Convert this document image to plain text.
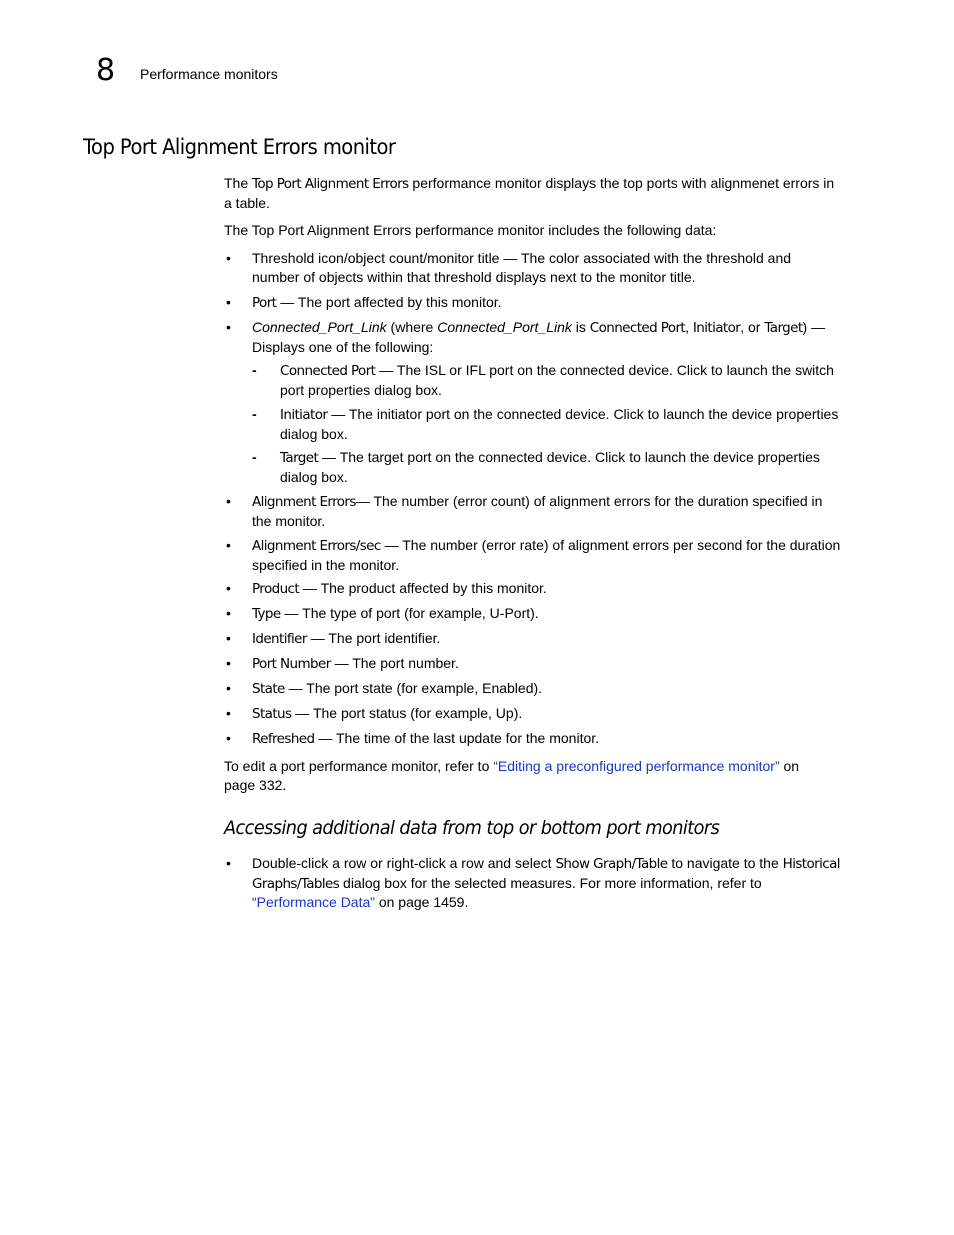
8 Performance monitors
Top Port Alignment Errors monitor
The Top Port Alignment Errors performance monitor displays the top ports with alignmenet errors in
a table.
The Top Port Alignment Errors performance monitor includes the following data:
• Threshold icon/object count/monitor title — The color associated with the threshold and
number of objects within that threshold displays next to the monitor title.
• Port — The port affected by this monitor.
• Connected_Port_Link (where Connected_Port_Link is Connected Port, Initiator, or Target) —
Displays one of the following:
- Connected Port — The ISL or IFL port on the connected device. Click to launch the switch
port properties dialog box.
- Initiator — The initiator port on the connected device. Click to launch the device properties
dialog box.
- Target — The target port on the connected device. Click to launch the device properties
dialog box.
• Alignment Errors— The number (error count) of alignment errors for the duration specified in
the monitor.
• Alignment Errors/sec — The number (error rate) of alignment errors per second for the duration
specified in the monitor.
• Product — The product affected by this monitor.
• Type — The type of port (for example, U-Port).
• Identifier — The port identifier.
• Port Number — The port number.
• State — The port state (for example, Enabled).
• Status — The port status (for example, Up).
• Refreshed — The time of the last update for the monitor.
To edit a port performance monitor, refer to “Editing a preconfigured performance monitor” on
page 332.
Accessing additional data from top or bottom port monitors
• Double-click a row or right-click a row and select Show Graph/Table to navigate to the Historical
Graphs/Tables dialog box for the selected measures. For more information, refer to
“Performance Data” on page 1459.
